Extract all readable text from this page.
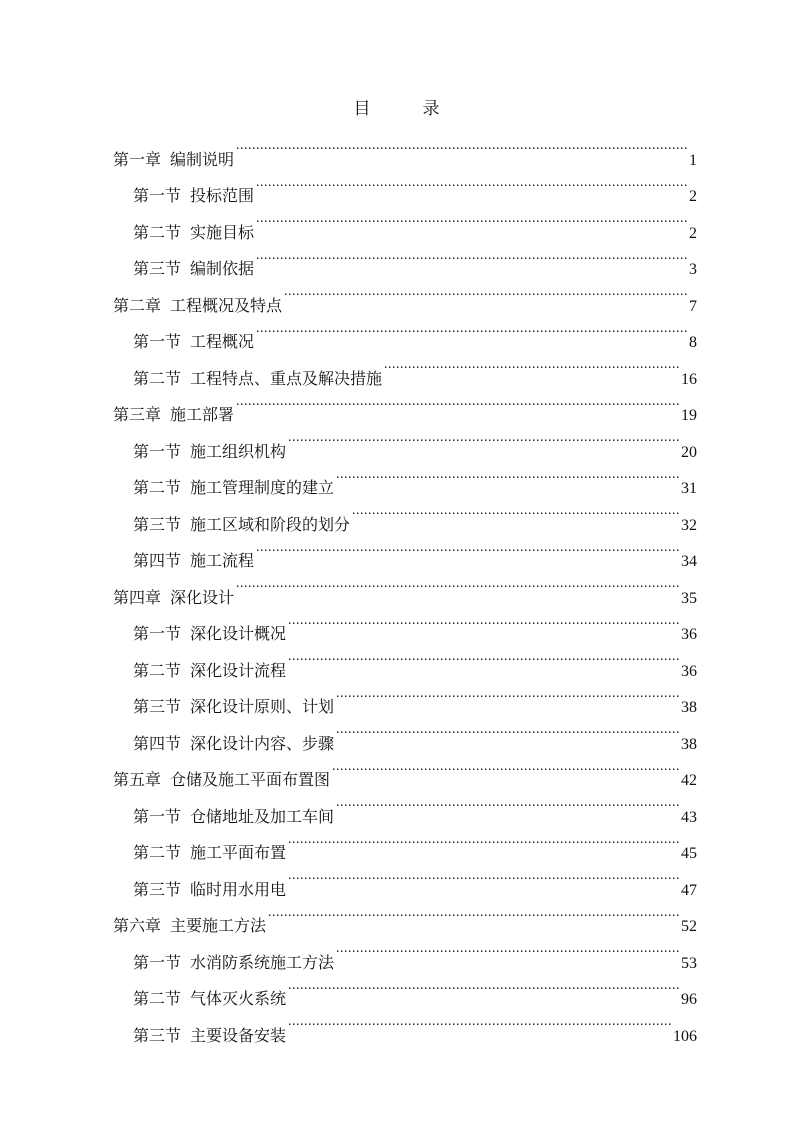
目	录
第一章 编制说明 .....	1
第一节 投标范围 .....	2
第二节 实施目标 .....	2
第三节 编制依据 .....	3
第二章 工程概况及特点 .....	7
第一节 工程概况 .....	8
第二节 工程特点、重点及解决措施 .....	16
第三章 施工部署 .....	19
第一节 施工组织机构 .....	20
第二节 施工管理制度的建立 .....	31
第三节 施工区域和阶段的划分 .....	32
第四节 施工流程 .....	34
第四章 深化设计 .....	35
第一节 深化设计概况 .....	36
第二节 深化设计流程 .....	36
第三节 深化设计原则、计划 .....	38
第四节 深化设计内容、步骤 .....	38
第五章 仓储及施工平面布置图 .....	42
第一节 仓储地址及加工车间 .....	43
第二节 施工平面布置 .....	45
第三节 临时用水用电 .....	47
第六章 主要施工方法 .....	52
第一节 水消防系统施工方法 .....	53
第二节 气体灭火系统 .....	96
第三节 主要设备安装 .....	106
